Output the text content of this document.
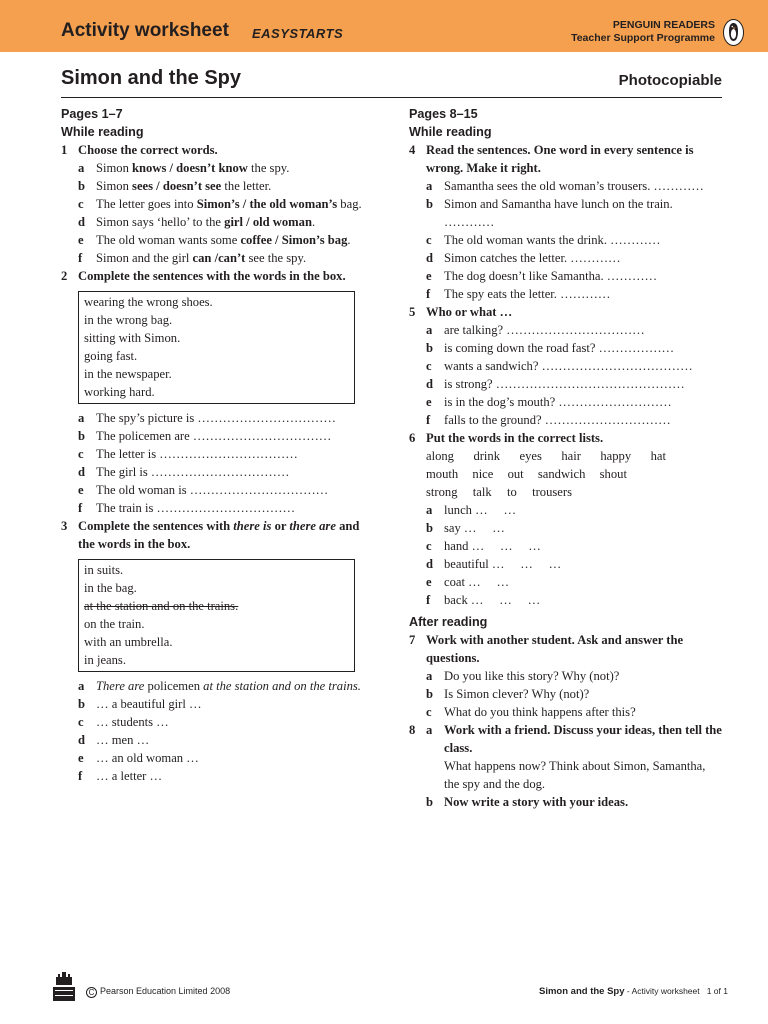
Activity worksheet EASYSTARTS
PENGUIN READERS
Teacher Support Programme
Simon and the Spy	Photocopiable
Pages 1–7
While reading
1 Choose the correct words.
a Simon knows / doesn’t know the spy.
b Simon sees / doesn’t see the letter.
c The letter goes into Simon’s / the old woman’s bag.
d Simon says ‘hello’ to the girl / old woman.
e The old woman wants some coffee / Simon’s bag.
f	Simon and the girl can /can’t see the spy.
2 Complete the sentences with the words in the box.
wearing the wrong shoes.
in the wrong bag.
sitting with Simon.
going fast.
in the newspaper.
working hard.
a The spy’s picture is ……………………………
b The policemen are ……………………………
c The letter is ……………………………
d The girl is ……………………………
e The old woman is ……………………………
f	The train is ……………………………
3 Complete the sentences with there is or there are and the words in the box.
in suits.
in the bag.
at the station and on the trains.
on the train.
with an umbrella.
in jeans.
a There are policemen at the station and on the trains.
b … a beautiful girl …
c … students …
d … men …
e … an old woman …
f	… a letter …
Pages 8–15
While reading
4 Read the sentences. One word in every sentence is wrong. Make it right.
a Samantha sees the old woman’s trousers. …………
b Simon and Samantha have lunch on the train. …………
c The old woman wants the drink. …………
d Simon catches the letter. …………
e The dog doesn’t like Samantha. …………
f	The spy eats the letter. …………
5 Who or what …
a are talking? ……………………………
b is coming down the road fast? ………………
c wants a sandwich? ………………………………
d is strong? ………………………………………
e is in the dog’s mouth? ………………………
f	falls to the ground? …………………………
6 Put the words in the correct lists.
along drink eyes hair happy hat
mouth nice out sandwich shout
strong talk to trousers
a lunch …     …
b say …     …
c hand …     …     …
d beautiful …     …     …
e coat …     …
f	back …     …     …
After reading
7 Work with another student. Ask and answer the questions.
a Do you like this story? Why (not)?
b Is Simon clever? Why (not)?
c What do you think happens after this?
8 a Work with a friend. Discuss your ideas, then tell the class.
What happens now? Think about Simon, Samantha, the spy and the dog.
b Now write a story with your ideas.
C Pearson Education Limited 2008	Simon and the Spy - Activity worksheet 1 of 1
